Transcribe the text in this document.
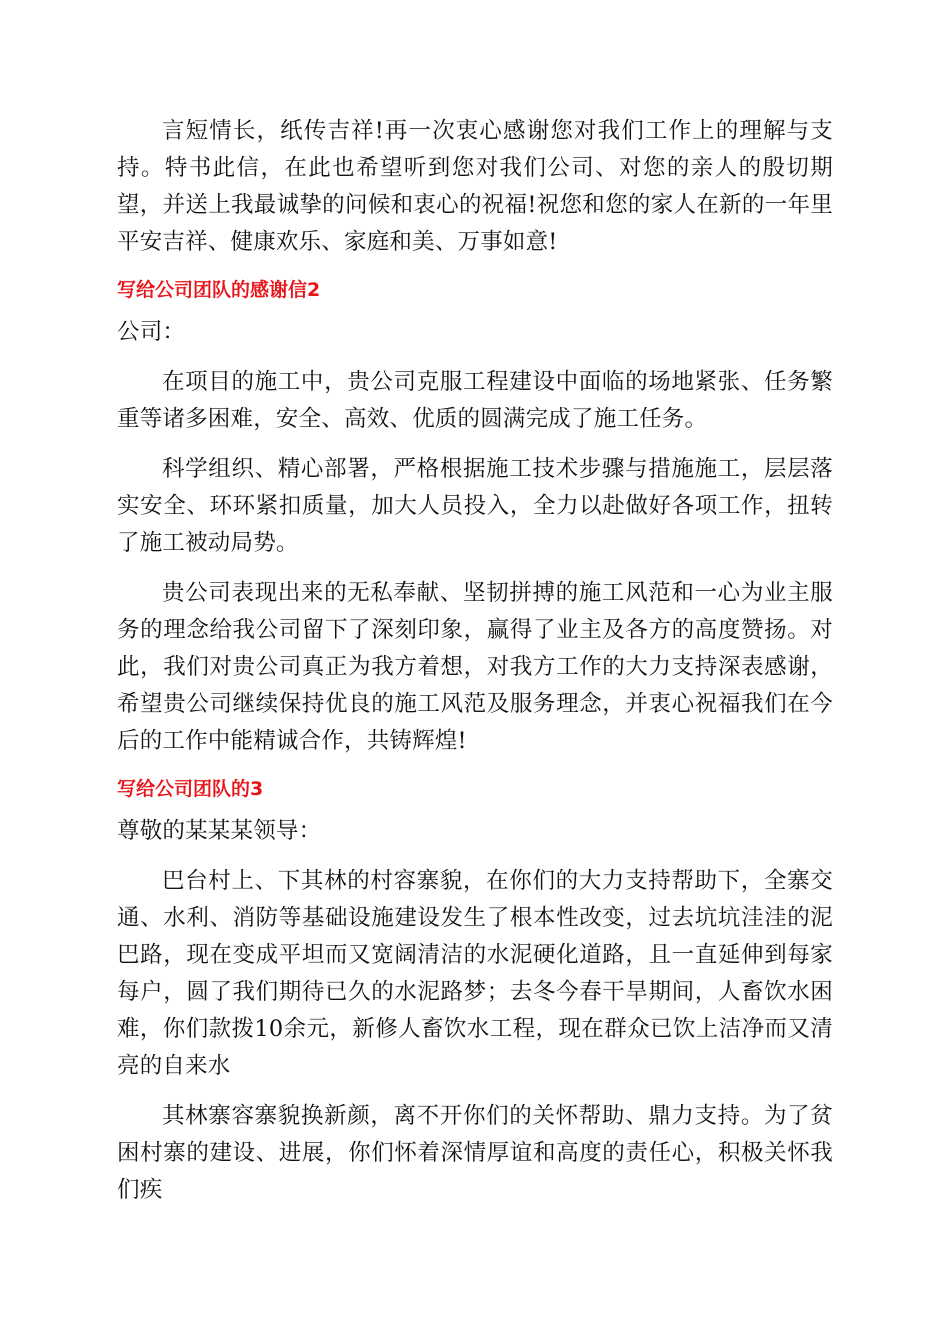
言短情长，纸传吉祥!再一次衷心感谢您对我们工作上的理解与支持。特书此信，在此也希望听到您对我们公司、对您的亲人的殷切期望，并送上我最诚挚的问候和衷心的祝福!祝您和您的家人在新的一年里平安吉祥、健康欢乐、家庭和美、万事如意!

写给公司团队的感谢信2

公司：

在项目的施工中，贵公司克服工程建设中面临的场地紧张、任务繁重等诸多困难，安全、高效、优质的圆满完成了施工任务。

科学组织、精心部署，严格根据施工技术步骤与措施施工，层层落实安全、环环紧扣质量，加大人员投入，全力以赴做好各项工作，扭转了施工被动局势。

贵公司表现出来的无私奉献、坚韧拼搏的施工风范和一心为业主服务的理念给我公司留下了深刻印象，赢得了业主及各方的高度赞扬。对此，我们对贵公司真正为我方着想，对我方工作的大力支持深表感谢，希望贵公司继续保持优良的施工风范及服务理念，并衷心祝福我们在今后的工作中能精诚合作，共铸辉煌!

写给公司团队的3

尊敬的某某某领导：

巴台村上、下其林的村容寨貌，在你们的大力支持帮助下，全寨交通、水利、消防等基础设施建设发生了根本性改变，过去坑坑洼洼的泥巴路，现在变成平坦而又宽阔清洁的水泥硬化道路，且一直延伸到每家每户，圆了我们期待已久的水泥路梦；去冬今春干旱期间，人畜饮水困难，你们款拨10余元，新修人畜饮水工程，现在群众已饮上洁净而又清亮的自来水

其林寨容寨貌换新颜，离不开你们的关怀帮助、鼎力支持。为了贫困村寨的建设、进展，你们怀着深情厚谊和高度的责任心，积极关怀我们疾
